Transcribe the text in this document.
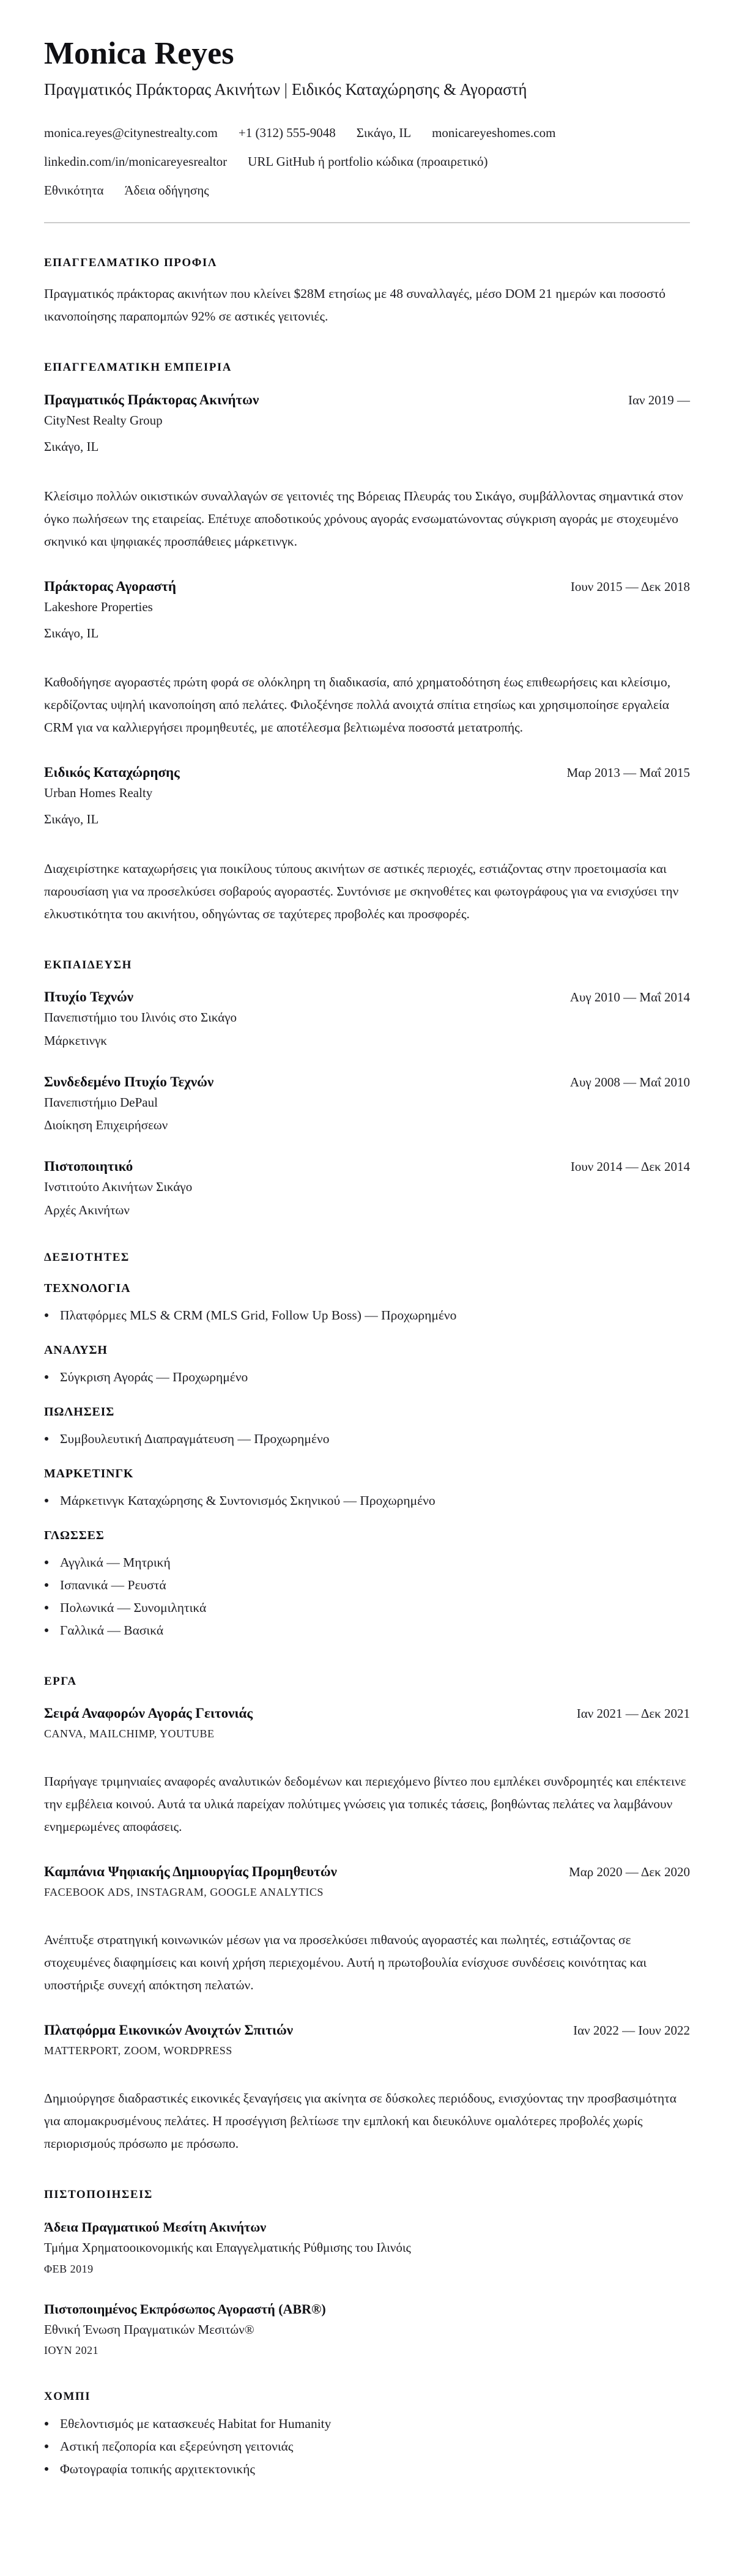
Monica Reyes
Πραγματικός Πράκτορας Ακινήτων | Ειδικός Καταχώρησης & Αγοραστή
monica.reyes@citynestrealty.com +1 (312) 555-9048 Σικάγο, IL monicareyeshomes.com
linkedin.com/in/monicareyesrealtor URL GitHub ή portfolio κώδικα (προαιρετικό)
Εθνικότητα Άδεια οδήγησης
ΕΠΑΓΓΕΛΜΑΤΙΚΟ ΠΡΟΦΙΛ

Πραγματικός πράκτορας ακινήτων που κλείνει $28M ετησίως με 48 συναλλαγές, μέσο DOM 21 ημερών και ποσοστό ικανοποίησης παραπομπών 92% σε αστικές γειτονιές.

ΕΠΑΓΓΕΛΜΑΤΙΚΗ ΕΜΠΕΙΡΙΑ
Πραγματικός Πράκτορας Ακινήτων	Ιαν 2019 —
CityNest Realty Group
Σικάγο, IL

Κλείσιμο πολλών οικιστικών συναλλαγών σε γειτονιές της Βόρειας Πλευράς του Σικάγο, συμβάλλοντας σημαντικά στον όγκο πωλήσεων της εταιρείας. Επέτυχε αποδοτικούς χρόνους αγοράς ενσωματώνοντας σύγκριση αγοράς με στοχευμένο σκηνικό και ψηφιακές προσπάθειες μάρκετινγκ.

Πράκτορας Αγοραστή	Ιουν 2015 — Δεκ 2018
Lakeshore Properties
Σικάγο, IL

Καθοδήγησε αγοραστές πρώτη φορά σε ολόκληρη τη διαδικασία, από χρηματοδότηση έως επιθεωρήσεις και κλείσιμο, κερδίζοντας υψηλή ικανοποίηση από πελάτες. Φιλοξένησε πολλά ανοιχτά σπίτια ετησίως και χρησιμοποίησε εργαλεία CRM για να καλλιεργήσει προμηθευτές, με αποτέλεσμα βελτιωμένα ποσοστά μετατροπής.

Ειδικός Καταχώρησης	Μαρ 2013 — Μαΐ 2015
Urban Homes Realty
Σικάγο, IL

Διαχειρίστηκε καταχωρήσεις για ποικίλους τύπους ακινήτων σε αστικές περιοχές, εστιάζοντας στην προετοιμασία και παρουσίαση για να προσελκύσει σοβαρούς αγοραστές. Συντόνισε με σκηνοθέτες και φωτογράφους για να ενισχύσει την ελκυστικότητα του ακινήτου, οδηγώντας σε ταχύτερες προβολές και προσφορές.

ΕΚΠΑΙΔΕΥΣΗ
Πτυχίο Τεχνών	Αυγ 2010 — Μαΐ 2014
Πανεπιστήμιο του Ιλινόις στο Σικάγο
Μάρκετινγκ
Συνδεδεμένο Πτυχίο Τεχνών	Αυγ 2008 — Μαΐ 2010
Πανεπιστήμιο DePaul
Διοίκηση Επιχειρήσεων
Πιστοποιητικό	Ιουν 2014 — Δεκ 2014
Ινστιτούτο Ακινήτων Σικάγο
Αρχές Ακινήτων
ΔΕΞΙΟΤΗΤΕΣ
ΤΕΧΝΟΛΟΓΙΑ
Πλατφόρμες MLS & CRM (MLS Grid, Follow Up Boss) — Προχωρημένο
ΑΝΑΛΥΣΗ
Σύγκριση Αγοράς — Προχωρημένο
ΠΩΛΗΣΕΙΣ
Συμβουλευτική Διαπραγμάτευση — Προχωρημένο
ΜΑΡΚΕΤΙΝΓΚ
Μάρκετινγκ Καταχώρησης & Συντονισμός Σκηνικού — Προχωρημένο
ΓΛΩΣΣΕΣ
Αγγλικά — Μητρική
Ισπανικά — Ρευστά
Πολωνικά — Συνομιλητικά
Γαλλικά — Βασικά
ΕΡΓΑ
Σειρά Αναφορών Αγοράς Γειτονιάς	Ιαν 2021 — Δεκ 2021
CANVA, MAILCHIMP, YOUTUBE

Παρήγαγε τριμηνιαίες αναφορές αναλυτικών δεδομένων και περιεχόμενο βίντεο που εμπλέκει συνδρομητές και επέκτεινε την εμβέλεια κοινού. Αυτά τα υλικά παρείχαν πολύτιμες γνώσεις για τοπικές τάσεις, βοηθώντας πελάτες να λαμβάνουν ενημερωμένες αποφάσεις.

Καμπάνια Ψηφιακής Δημιουργίας Προμηθευτών	Μαρ 2020 — Δεκ 2020
FACEBOOK ADS, INSTAGRAM, GOOGLE ANALYTICS

Ανέπτυξε στρατηγική κοινωνικών μέσων για να προσελκύσει πιθανούς αγοραστές και πωλητές, εστιάζοντας σε στοχευμένες διαφημίσεις και κοινή χρήση περιεχομένου. Αυτή η πρωτοβουλία ενίσχυσε συνδέσεις κοινότητας και υποστήριξε συνεχή απόκτηση πελατών.

Πλατφόρμα Εικονικών Ανοιχτών Σπιτιών	Ιαν 2022 — Ιουν 2022
MATTERPORT, ZOOM, WORDPRESS

Δημιούργησε διαδραστικές εικονικές ξεναγήσεις για ακίνητα σε δύσκολες περιόδους, ενισχύοντας την προσβασιμότητα για απομακρυσμένους πελάτες. Η προσέγγιση βελτίωσε την εμπλοκή και διευκόλυνε ομαλότερες προβολές χωρίς περιορισμούς πρόσωπο με πρόσωπο.

ΠΙΣΤΟΠΟΙΗΣΕΙΣ
Άδεια Πραγματικού Μεσίτη Ακινήτων
Τμήμα Χρηματοοικονομικής και Επαγγελματικής Ρύθμισης του Ιλινόις
ΦΕΒ 2019
Πιστοποιημένος Εκπρόσωπος Αγοραστή (ABR®)
Εθνική Ένωση Πραγματικών Μεσιτών®
ΙΟΥΝ 2021
ΧΟΜΠΙ
Εθελοντισμός με κατασκευές Habitat for Humanity
Αστική πεζοπορία και εξερεύνηση γειτονιάς
Φωτογραφία τοπικής αρχιτεκτονικής
